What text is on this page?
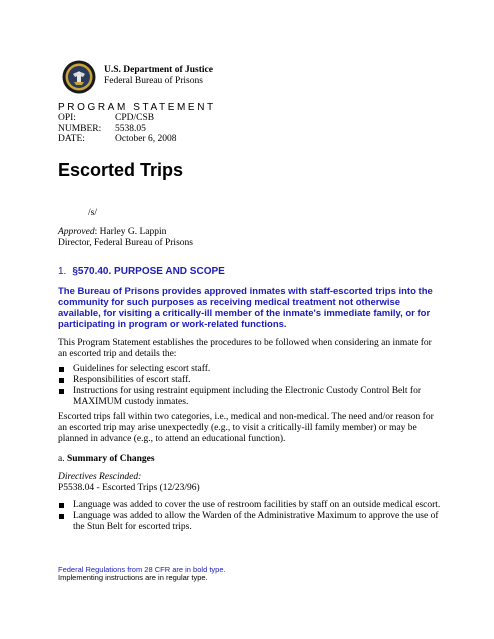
U.S. Department of Justice
Federal Bureau of Prisons
PROGRAM STATEMENT
OPI:	CPD/CSB
NUMBER:	5538.05
DATE:	October 6, 2008
Escorted Trips
/s/
Approved: Harley G. Lappin
Director, Federal Bureau of Prisons
1. §570.40. PURPOSE AND SCOPE
The Bureau of Prisons provides approved inmates with staff-escorted trips into the community for such purposes as receiving medical treatment not otherwise available, for visiting a critically-ill member of the inmate's immediate family, or for participating in program or work-related functions.
This Program Statement establishes the procedures to be followed when considering an inmate for an escorted trip and details the:
Guidelines for selecting escort staff.
Responsibilities of escort staff.
Instructions for using restraint equipment including the Electronic Custody Control Belt for MAXIMUM custody inmates.
Escorted trips fall within two categories, i.e., medical and non-medical. The need and/or reason for an escorted trip may arise unexpectedly (e.g., to visit a critically-ill family member) or may be planned in advance (e.g., to attend an educational function).
a. Summary of Changes
Directives Rescinded:
P5538.04 - Escorted Trips (12/23/96)
Language was added to cover the use of restroom facilities by staff on an outside medical escort.
Language was added to allow the Warden of the Administrative Maximum to approve the use of the Stun Belt for escorted trips.
Federal Regulations from 28 CFR are in bold type.
Implementing instructions are in regular type.
